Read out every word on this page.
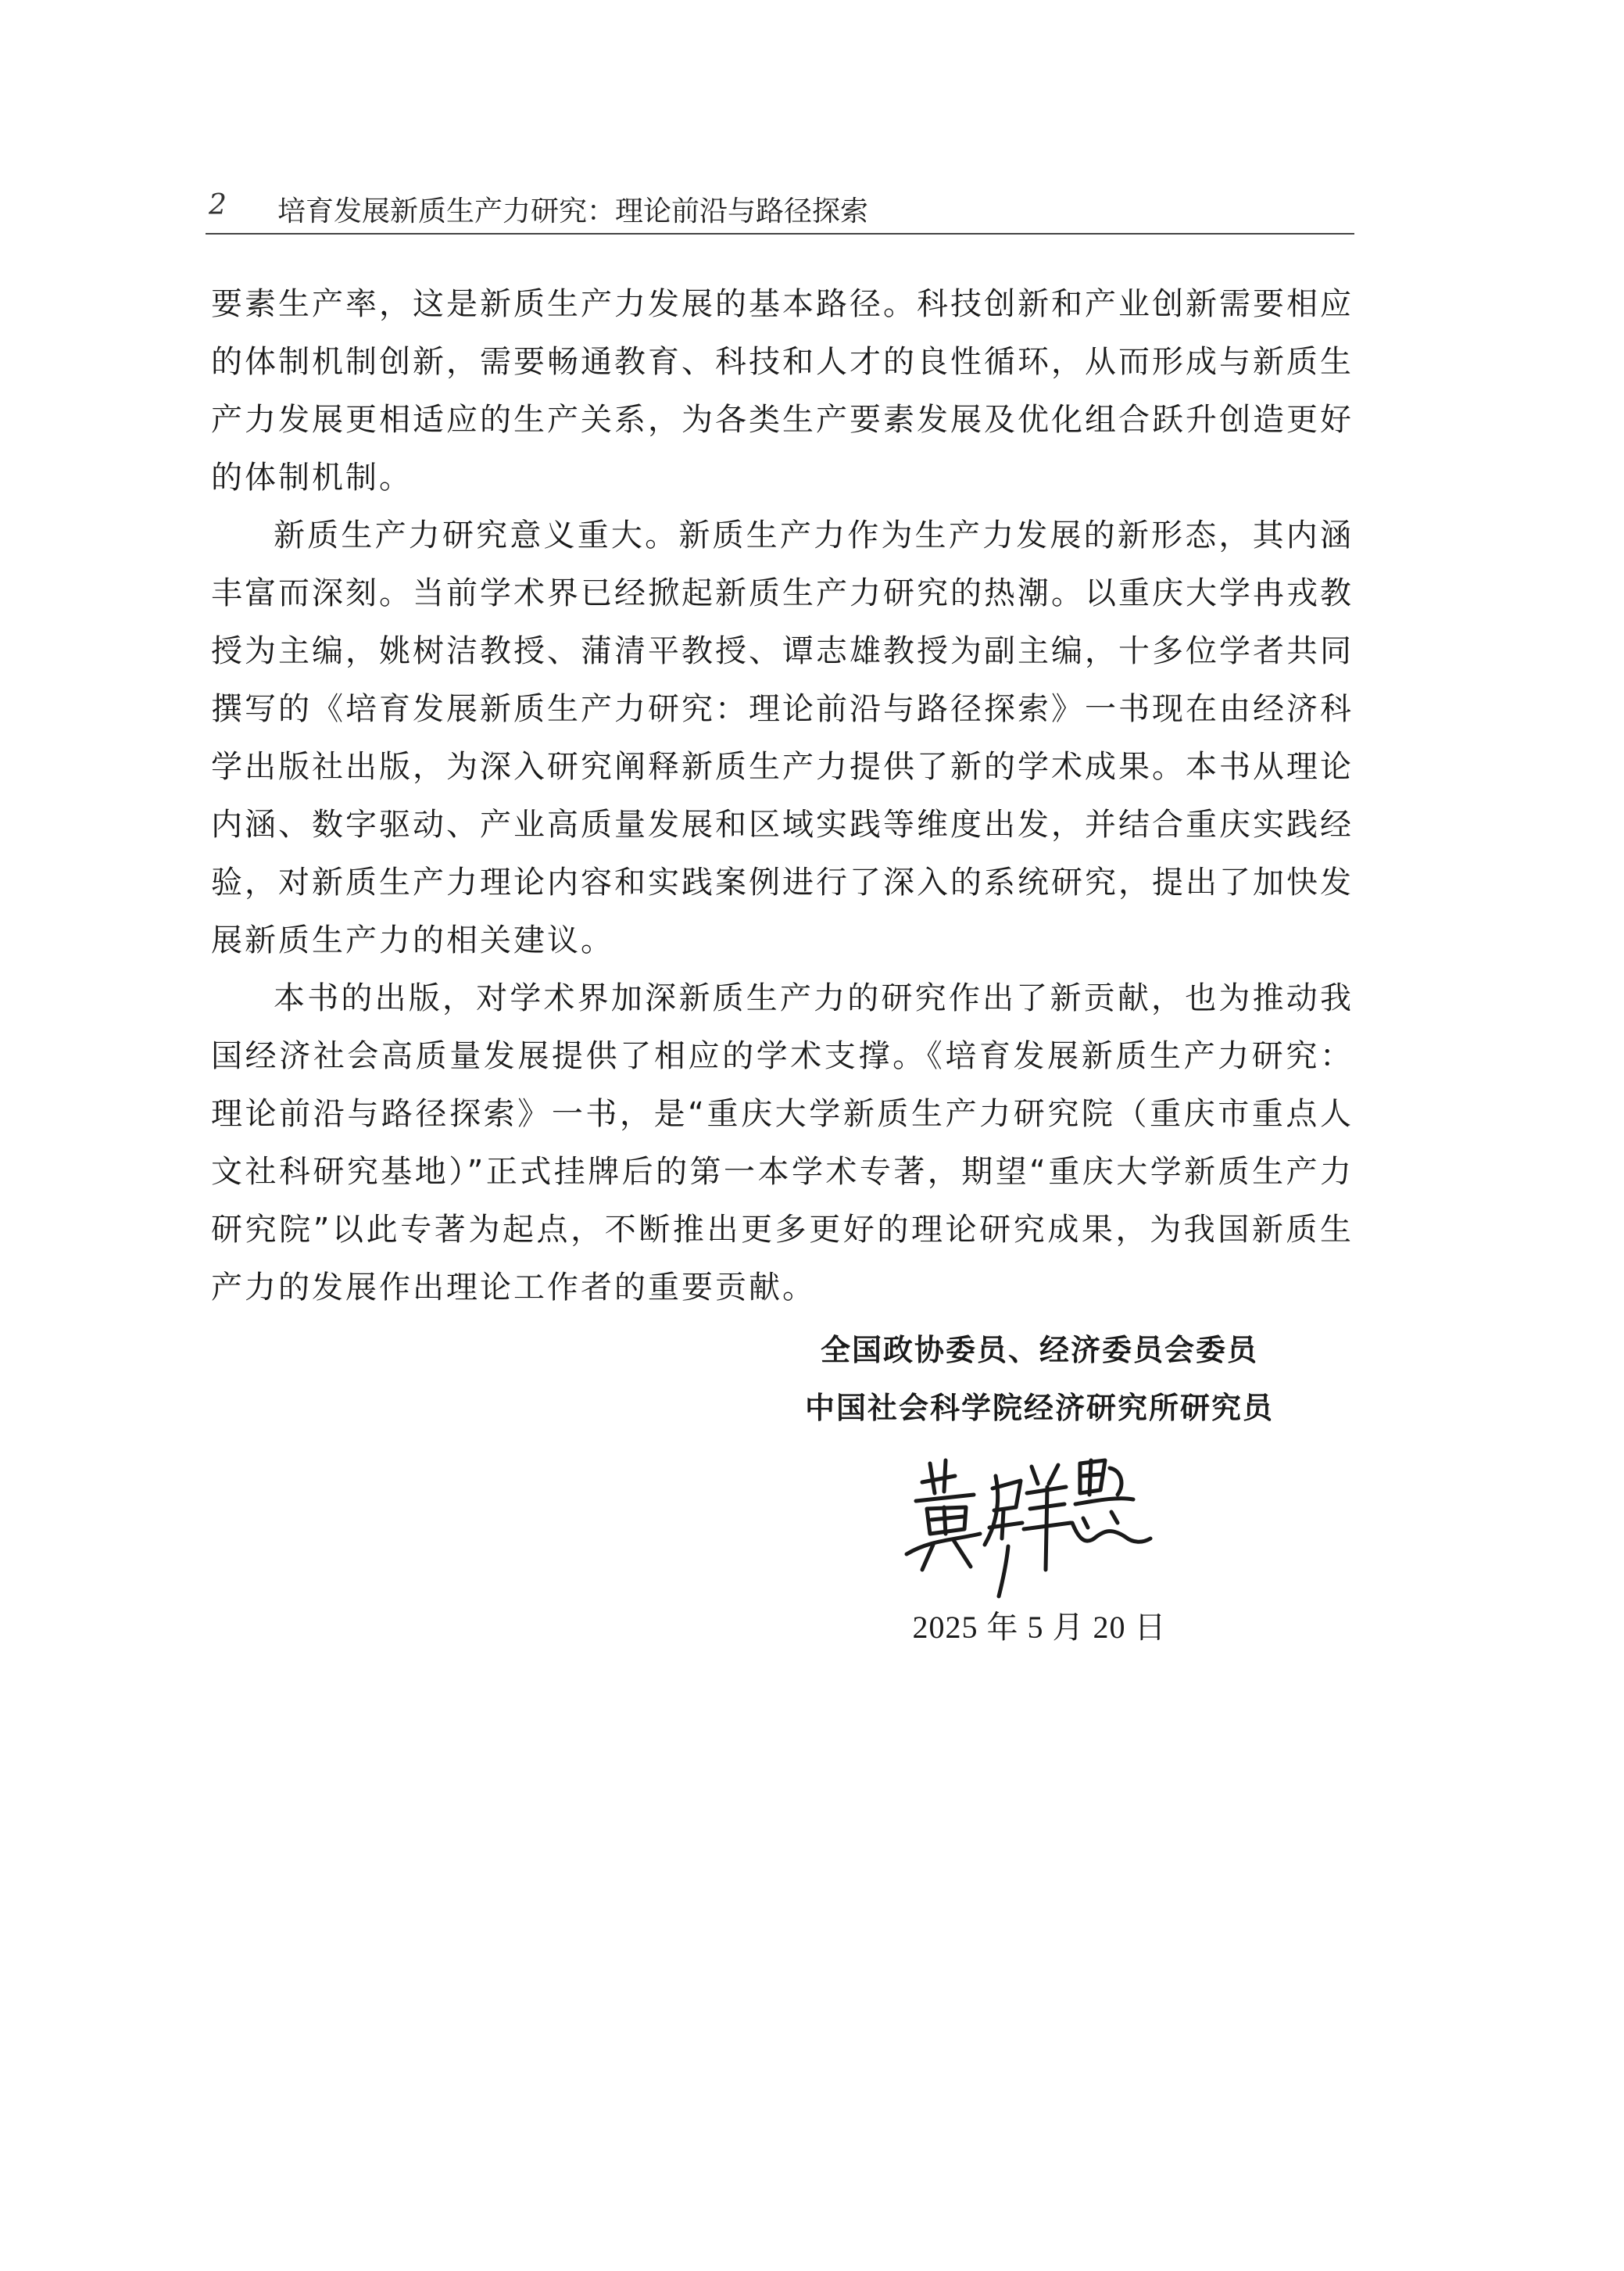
2 培育发展新质生产力研究：理论前沿与路径探索

要素生产率，这是新质生产力发展的基本路径。科技创新和产业创新需要相应的体制机制创新，需要畅通教育、科技和人才的良性循环，从而形成与新质生产力发展更相适应的生产关系，为各类生产要素发展及优化组合跃升创造更好的体制机制。

新质生产力研究意义重大。新质生产力作为生产力发展的新形态，其内涵丰富而深刻。当前学术界已经掀起新质生产力研究的热潮。以重庆大学冉戎教授为主编，姚树洁教授、蒲清平教授、谭志雄教授为副主编，十多位学者共同撰写的《培育发展新质生产力研究：理论前沿与路径探索》一书现在由经济科学出版社出版，为深入研究阐释新质生产力提供了新的学术成果。本书从理论内涵、数字驱动、产业高质量发展和区域实践等维度出发，并结合重庆实践经验，对新质生产力理论内容和实践案例进行了深入的系统研究，提出了加快发展新质生产力的相关建议。

本书的出版，对学术界加深新质生产力的研究作出了新贡献，也为推动我国经济社会高质量发展提供了相应的学术支撑。《培育发展新质生产力研究：理论前沿与路径探索》一书，是“重庆大学新质生产力研究院（重庆市重点人文社科研究基地）”正式挂牌后的第一本学术专著，期望“重庆大学新质生产力研究院”以此专著为起点，不断推出更多更好的理论研究成果，为我国新质生产力的发展作出理论工作者的重要贡献。

全国政协委员、经济委员会委员
中国社会科学院经济研究所研究员
2025 年 5 月 20 日
